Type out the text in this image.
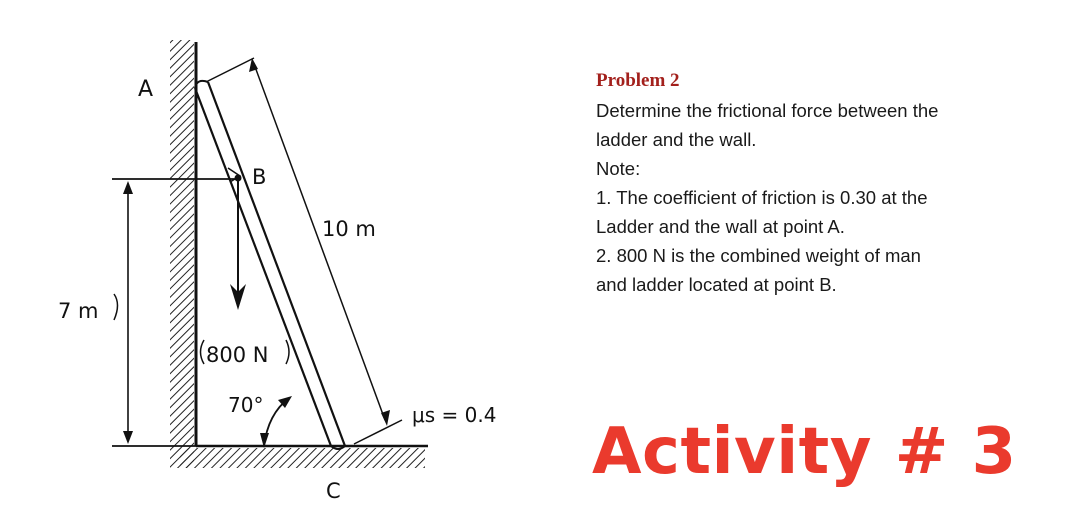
A
B
C
10 m
7 m
800 N
70°	μs = 0.4
Problem 2

Determine the frictional force between the

ladder and the wall.

Note:

1. The coefficient of friction is 0.30 at the

Ladder and the wall at point A.

2. 800 N is the combined weight of man

and ladder located at point B.

Activity # 3
